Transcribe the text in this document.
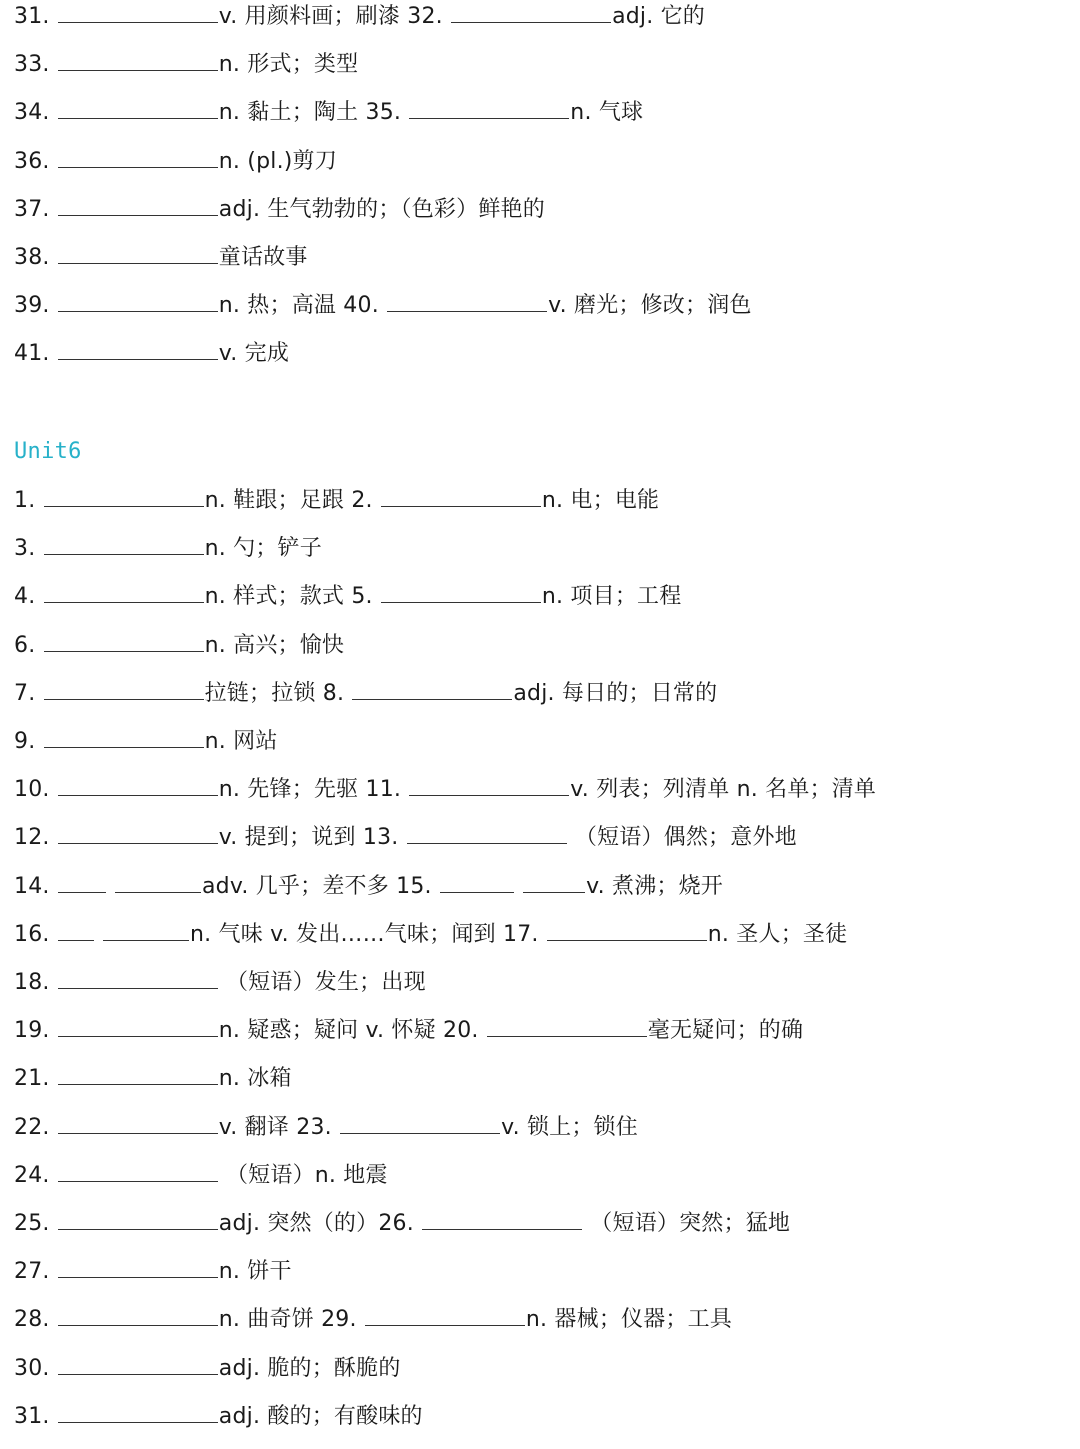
31.	v. 用颜料画；刷漆 32.	adj. 它的
33.	n. 形式；类型
34.	n. 黏土；陶土 35.	n. 气球
36.	n. (pl.)剪刀
37.	adj. 生气勃勃的；（色彩）鲜艳的
38.	童话故事
39.	n. 热；高温 40.	v. 磨光；修改；润色
41.	v. 完成
1.	n. 鞋跟；足跟 2.	n. 电；电能
3.	n. 勺；铲子
4.	n. 样式；款式 5.	n. 项目；工程
6.	n. 高兴；愉快
7.	拉链；拉锁 8.	adj. 每日的；日常的
9.	n. 网站
10.	n. 先锋；先驱 11.	v. 列表；列清单 n. 名单；清单
12.	v. 提到；说到 13.	（短语）偶然；意外地
14.	adv. 几乎；差不多 15.	v. 煮沸；烧开
16.	n. 气味 v. 发出……气味；闻到 17.	n. 圣人；圣徒
18.	（短语）发生；出现
19.	n. 疑惑；疑问 v. 怀疑 20.	毫无疑问；的确
21.	n. 冰箱
22.	v. 翻译 23.	v. 锁上；锁住
24.	（短语）n. 地震
25.	adj. 突然（的）26.	（短语）突然；猛地
27.	n. 饼干
28.	n. 曲奇饼 29.	n. 器械；仪器；工具
30.	adj. 脆的；酥脆的
31.	adj. 酸的；有酸味的
Unit6
